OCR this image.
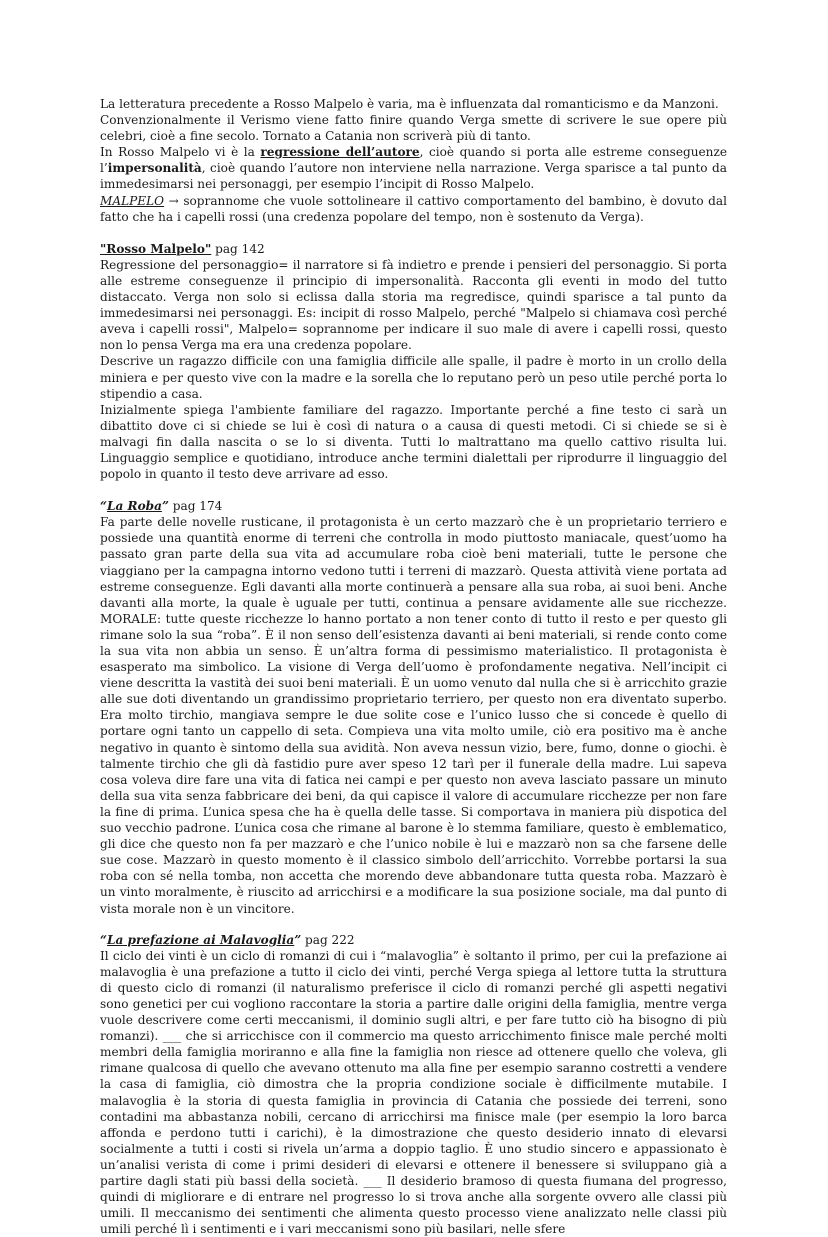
La letteratura precedente a Rosso Malpelo è varia, ma è influenzata dal romanticismo e da Manzoni.

Convenzionalmente il Verismo viene fatto finire quando Verga smette di scrivere le sue opere più celebri, cioè a fine secolo. Tornato a Catania non scriverà più di tanto.

In Rosso Malpelo vi è la regressione dell’autore, cioè quando si porta alle estreme conseguenze l’impersonalità, cioè quando l’autore non interviene nella narrazione. Verga sparisce a tal punto da immedesimarsi nei personaggi, per esempio l’incipit di Rosso Malpelo.

MALPELO → soprannome che vuole sottolineare il cattivo comportamento del bambino, è dovuto dal fatto che ha i capelli rossi (una credenza popolare del tempo, non è sostenuto da Verga).

"Rosso Malpelo" pag 142

Regressione del personaggio= il narratore si fà indietro e prende i pensieri del personaggio. Si porta alle estreme conseguenze il principio di impersonalità. Racconta gli eventi in modo del tutto distaccato. Verga non solo si eclissa dalla storia ma regredisce, quindi sparisce a tal punto da immedesimarsi nei personaggi. Es: incipit di rosso Malpelo, perché "Malpelo si chiamava così perché aveva i capelli rossi", Malpelo= soprannome per indicare il suo male di avere i capelli rossi, questo non lo pensa Verga ma era una credenza popolare.

Descrive un ragazzo difficile con una famiglia difficile alle spalle, il padre è morto in un crollo della miniera e per questo vive con la madre e la sorella che lo reputano però un peso utile perché porta lo stipendio a casa.

Inizialmente spiega l'ambiente familiare del ragazzo. Importante perché a fine testo ci sarà un dibattito dove ci si chiede se lui è così di natura o a causa di questi metodi. Ci si chiede se si è malvagi fin dalla nascita o se lo si diventa. Tutti lo maltrattano ma quello cattivo risulta lui. Linguaggio semplice e quotidiano, introduce anche termini dialettali per riprodurre il linguaggio del popolo in quanto il testo deve arrivare ad esso.

“La Roba” pag 174

Fa parte delle novelle rusticane, il protagonista è un certo mazzarò che è un proprietario terriero e possiede una quantità enorme di terreni che controlla in modo piuttosto maniacale, quest’uomo ha passato gran parte della sua vita ad accumulare roba cioè beni materiali, tutte le persone che viaggiano per la campagna intorno vedono tutti i terreni di mazzarò. Questa attività viene portata ad estreme conseguenze. Egli davanti alla morte continuerà a pensare alla sua roba, ai suoi beni. Anche davanti alla morte, la quale è uguale per tutti, continua a pensare avidamente alle sue ricchezze. MORALE: tutte queste ricchezze lo hanno portato a non tener conto di tutto il resto e per questo gli rimane solo la sua “roba”. È il non senso dell’esistenza davanti ai beni materiali, si rende conto come la sua vita non abbia un senso. È un’altra forma di pessimismo materialistico. Il protagonista è esasperato ma simbolico. La visione di Verga dell’uomo è profondamente negativa. Nell’incipit ci viene descritta la vastità dei suoi beni materiali. È un uomo venuto dal nulla che si è arricchito grazie alle sue doti diventando un grandissimo proprietario terriero, per questo non era diventato superbo. Era molto tirchio, mangiava sempre le due solite cose e l’unico lusso che si concede è quello di portare ogni tanto un cappello di seta. Compieva una vita molto umile, ciò era positivo ma è anche negativo in quanto è sintomo della sua avidità. Non aveva nessun vizio, bere, fumo, donne o giochi. è talmente tirchio che gli dà fastidio pure aver speso 12 tarì per il funerale della madre. Lui sapeva cosa voleva dire fare una vita di fatica nei campi e per questo non aveva lasciato passare un minuto della sua vita senza fabbricare dei beni, da qui capisce il valore di accumulare ricchezze per non fare la fine di prima. L’unica spesa che ha è quella delle tasse. Si comportava in maniera più dispotica del suo vecchio padrone. L’unica cosa che rimane al barone è lo stemma familiare, questo è emblematico, gli dice che questo non fa per mazzarò e che l’unico nobile è lui e mazzarò non sa che farsene delle sue cose. Mazzarò in questo momento è il classico simbolo dell’arricchito. Vorrebbe portarsi la sua roba con sé nella tomba, non accetta che morendo deve abbandonare tutta questa roba. Mazzarò è un vinto moralmente, è riuscito ad arricchirsi e a modificare la sua posizione sociale, ma dal punto di vista morale non è un vincitore.

“La prefazione ai Malavoglia” pag 222

Il ciclo dei vinti è un ciclo di romanzi di cui i “malavoglia” è soltanto il primo, per cui la prefazione ai malavoglia è una prefazione a tutto il ciclo dei vinti, perché Verga spiega al lettore tutta la struttura di questo ciclo di romanzi (il naturalismo preferisce il ciclo di romanzi perché gli aspetti negativi sono genetici per cui vogliono raccontare la storia a partire dalle origini della famiglia, mentre verga vuole descrivere come certi meccanismi, il dominio sugli altri, e per fare tutto ciò ha bisogno di più romanzi). ___ che si arricchisce con il commercio ma questo arricchimento finisce male perché molti membri della famiglia moriranno e alla fine la famiglia non riesce ad ottenere quello che voleva, gli rimane qualcosa di quello che avevano ottenuto ma alla fine per esempio saranno costretti a vendere la casa di famiglia, ciò dimostra che la propria condizione sociale è difficilmente mutabile. I malavoglia è la storia di questa famiglia in provincia di Catania che possiede dei terreni, sono contadini ma abbastanza nobili, cercano di arricchirsi ma finisce male (per esempio la loro barca affonda e perdono tutti i carichi), è la dimostrazione che questo desiderio innato di elevarsi socialmente a tutti i costi si rivela un’arma a doppio taglio. È uno studio sincero e appassionato è un’analisi verista di come i primi desideri di elevarsi e ottenere il benessere si sviluppano già a partire dagli stati più bassi della società. ___ Il desiderio bramoso di questa fiumana del progresso, quindi di migliorare e di entrare nel progresso lo si trova anche alla sorgente ovvero alle classi più umili. Il meccanismo dei sentimenti che alimenta questo processo viene analizzato nelle classi più umili perché lì i sentimenti e i vari meccanismi sono più basilari, nelle sfere
